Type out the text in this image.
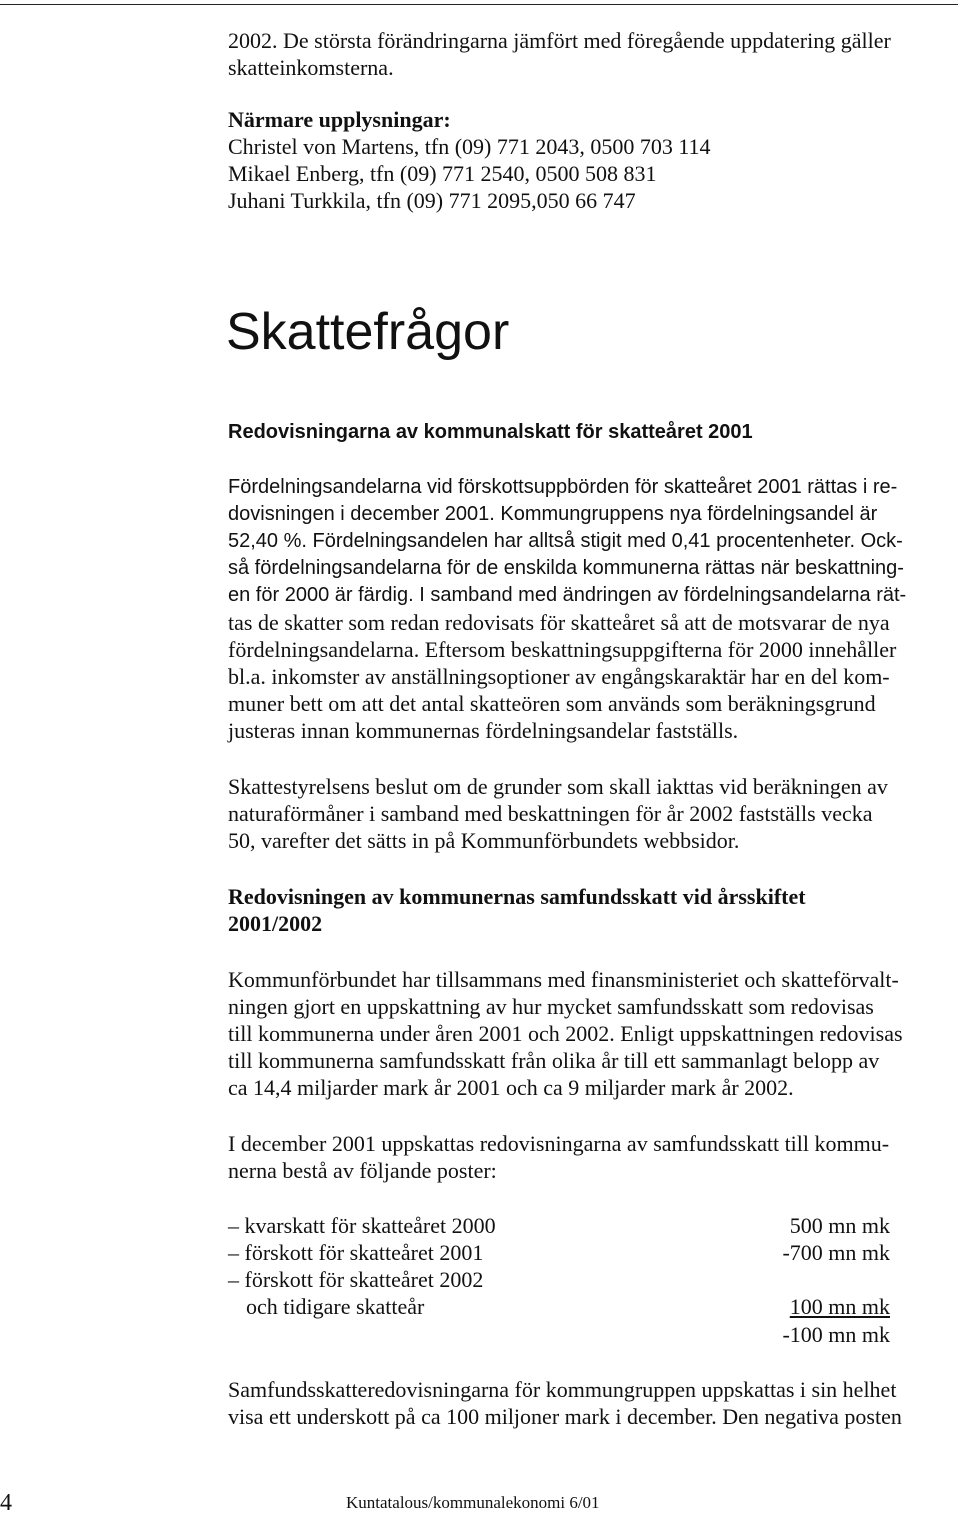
2002. De största förändringarna jämfört med föregående uppdatering gäller
skatteinkomsterna.
Närmare upplysningar:
Christel von Martens, tfn (09) 771 2043, 0500 703 114
Mikael Enberg, tfn (09) 771 2540, 0500 508 831
Juhani Turkkila, tfn (09) 771 2095,050 66 747
Skattefrågor
Redovisningarna av kommunalskatt för skatteåret 2001
Fördelningsandelarna vid förskottsuppbörden för skatteåret 2001 rättas i re-
dovisningen i december 2001. Kommungruppens nya fördelningsandel är
52,40 %. Fördelningsandelen har alltså stigit med 0,41 procentenheter. Ock-
så fördelningsandelarna för de enskilda kommunerna rättas när beskattning-
en för 2000 är färdig. I samband med ändringen av fördelningsandelarna rät-
tas de skatter som redan redovisats för skatteåret så att de motsvarar de nya
fördelningsandelarna. Eftersom beskattningsuppgifterna för 2000 innehåller
bl.a. inkomster av anställningsoptioner av engångskaraktär har en del kom-
muner bett om att det antal skatteören som används som beräkningsgrund
justeras innan kommunernas fördelningsandelar fastställs.
Skattestyrelsens beslut om de grunder som skall iakttas vid beräkningen av
naturaförmåner i samband med beskattningen för år 2002 fastställs vecka
50, varefter det sätts in på Kommunförbundets webbsidor.
Redovisningen av kommunernas samfundsskatt vid årsskiftet
2001/2002
Kommunförbundet har tillsammans med finansministeriet och skatteförvalt-
ningen gjort en uppskattning av hur mycket samfundsskatt som redovisas
till kommunerna under åren 2001 och 2002. Enligt uppskattningen redovisas
till kommunerna samfundsskatt från olika år till ett sammanlagt belopp av
ca 14,4 miljarder mark år 2001 och ca 9 miljarder mark år 2002.
I december 2001 uppskattas redovisningarna av samfundsskatt till kommu-
nerna bestå av följande poster:
– kvarskatt för skatteåret 2000	500 mn mk
– förskott för skatteåret 2001	-700 mn mk
– förskott för skatteåret 2002
och tidigare skatteår	100 mn mk
-100 mn mk
Samfundsskatteredovisningarna för kommungruppen uppskattas i sin helhet
visa ett underskott på ca 100 miljoner mark i december. Den negativa posten
4	Kuntatalous/kommunalekonomi 6/01
